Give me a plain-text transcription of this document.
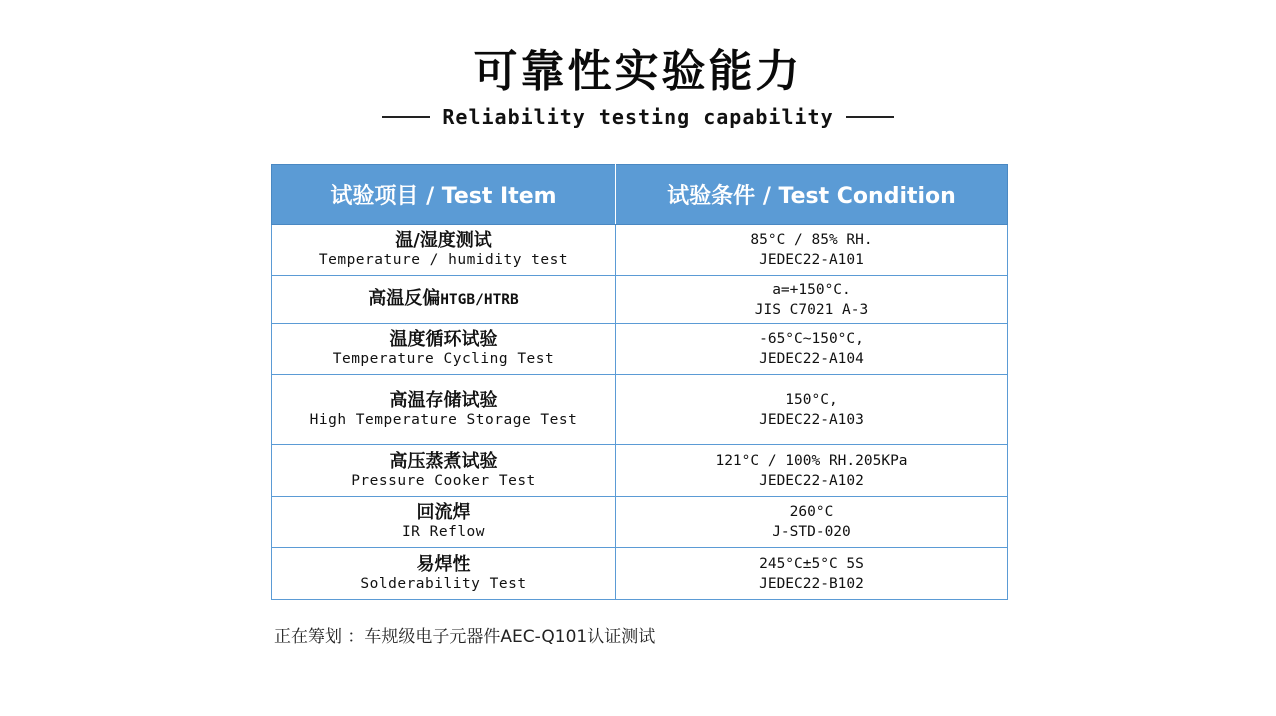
可靠性实验能力
Reliability testing capability
试验项目 / Test Item	试验条件 / Test Condition

温/湿度测试
Temperature / humidity test	85°C / 85% RH.
JEDEC22-A101

高温反偏HTGB/HTRB	a=+150°C.
JIS C7021 A-3

温度循环试验
Temperature Cycling Test	-65°C~150°C,
JEDEC22-A104

高温存储试验
High Temperature Storage Test	150°C,
JEDEC22-A103

高压蒸煮试验
Pressure Cooker Test	121°C / 100% RH.205KPa
JEDEC22-A102

回流焊
IR Reflow	260°C
J-STD-020

易焊性
Solderability Test	245°C±5°C 5S
JEDEC22-B102
正在筹划 ：车规级电子元器件AEC-Q101认证测试
